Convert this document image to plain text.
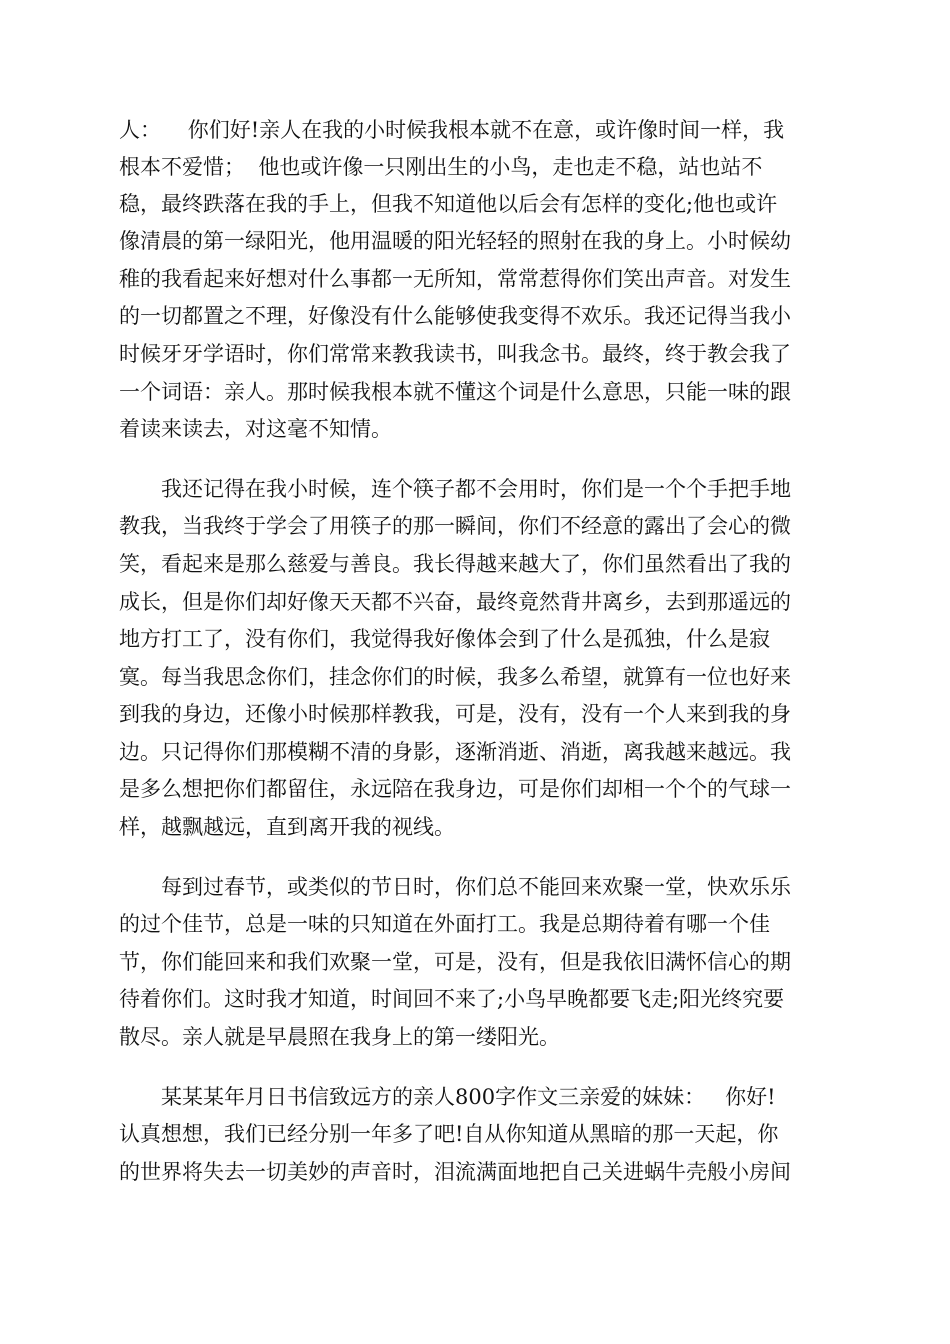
人：    你们好!亲人在我的小时候我根本就不在意，或许像时间一样，我
根本不爱惜；  他也或许像一只刚出生的小鸟，走也走不稳，站也站不
稳，最终跌落在我的手上，但我不知道他以后会有怎样的变化;他也或许
像清晨的第一绿阳光，他用温暖的阳光轻轻的照射在我的身上。小时候幼
稚的我看起来好想对什么事都一无所知，常常惹得你们笑出声音。对发生
的一切都置之不理，好像没有什么能够使我变得不欢乐。我还记得当我小
时候牙牙学语时，你们常常来教我读书，叫我念书。最终，终于教会我了
一个词语：亲人。那时候我根本就不懂这个词是什么意思，只能一味的跟
着读来读去，对这毫不知情。
我还记得在我小时候，连个筷子都不会用时，你们是一个个手把手地
教我，当我终于学会了用筷子的那一瞬间，你们不经意的露出了会心的微
笑，看起来是那么慈爱与善良。我长得越来越大了，你们虽然看出了我的
成长，但是你们却好像天天都不兴奋，最终竟然背井离乡，去到那遥远的
地方打工了，没有你们，我觉得我好像体会到了什么是孤独，什么是寂
寞。每当我思念你们，挂念你们的时候，我多么希望，就算有一位也好来
到我的身边，还像小时候那样教我，可是，没有，没有一个人来到我的身
边。只记得你们那模糊不清的身影，逐渐消逝、消逝，离我越来越远。我
是多么想把你们都留住，永远陪在我身边，可是你们却相一个个的气球一
样，越飘越远，直到离开我的视线。
每到过春节，或类似的节日时，你们总不能回来欢聚一堂，快欢乐乐
的过个佳节，总是一味的只知道在外面打工。我是总期待着有哪一个佳
节，你们能回来和我们欢聚一堂，可是，没有，但是我依旧满怀信心的期
待着你们。这时我才知道，时间回不来了;小鸟早晚都要飞走;阳光终究要
散尽。亲人就是早晨照在我身上的第一缕阳光。
某某某年月日书信致远方的亲人800字作文三亲爱的妹妹：   你好!
认真想想，我们已经分别一年多了吧!自从你知道从黑暗的那一天起，你
的世界将失去一切美妙的声音时，泪流满面地把自己关进蜗牛壳般小房间
